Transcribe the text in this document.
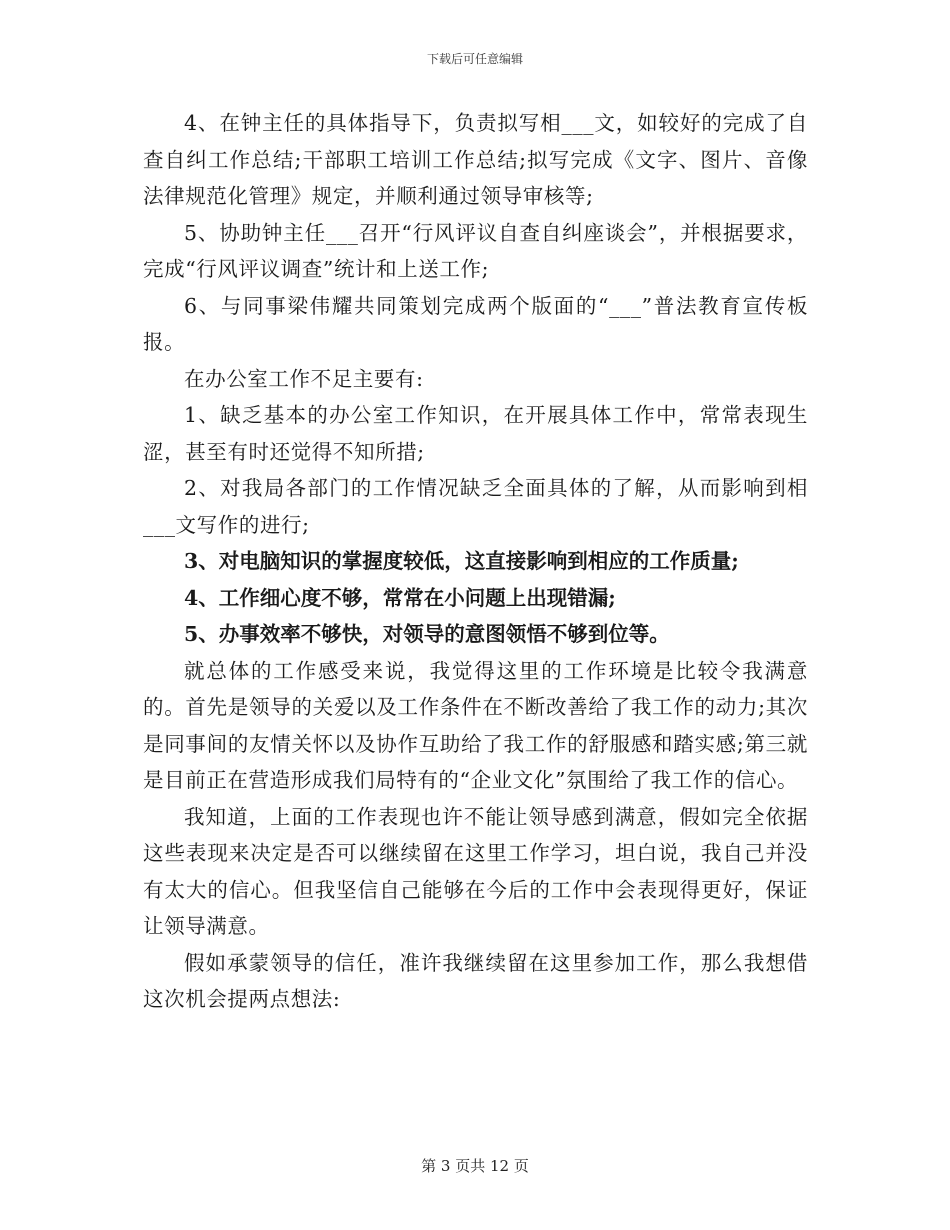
下载后可任意编辑

4、在钟主任的具体指导下，负责拟写相___文，如较好的完成了自查自纠工作总结;干部职工培训工作总结;拟写完成《文字、图片、音像法律规范化管理》规定，并顺利通过领导审核等;

5、协助钟主任___召开“行风评议自查自纠座谈会”，并根据要求，完成“行风评议调查”统计和上送工作;

6、与同事梁伟耀共同策划完成两个版面的“___”普法教育宣传板报。

在办公室工作不足主要有:

1、缺乏基本的办公室工作知识，在开展具体工作中，常常表现生涩，甚至有时还觉得不知所措;

2、对我局各部门的工作情况缺乏全面具体的了解，从而影响到相___文写作的进行;

3、对电脑知识的掌握度较低，这直接影响到相应的工作质量;

4、工作细心度不够，常常在小问题上出现错漏;

5、办事效率不够快，对领导的意图领悟不够到位等。

就总体的工作感受来说，我觉得这里的工作环境是比较令我满意的。首先是领导的关爱以及工作条件在不断改善给了我工作的动力;其次是同事间的友情关怀以及协作互助给了我工作的舒服感和踏实感;第三就是目前正在营造形成我们局特有的“企业文化”氛围给了我工作的信心。

我知道，上面的工作表现也许不能让领导感到满意，假如完全依据这些表现来决定是否可以继续留在这里工作学习，坦白说，我自己并没有太大的信心。但我坚信自己能够在今后的工作中会表现得更好，保证让领导满意。

假如承蒙领导的信任，准许我继续留在这里参加工作，那么我想借这次机会提两点想法:

第 3 页共 12 页
